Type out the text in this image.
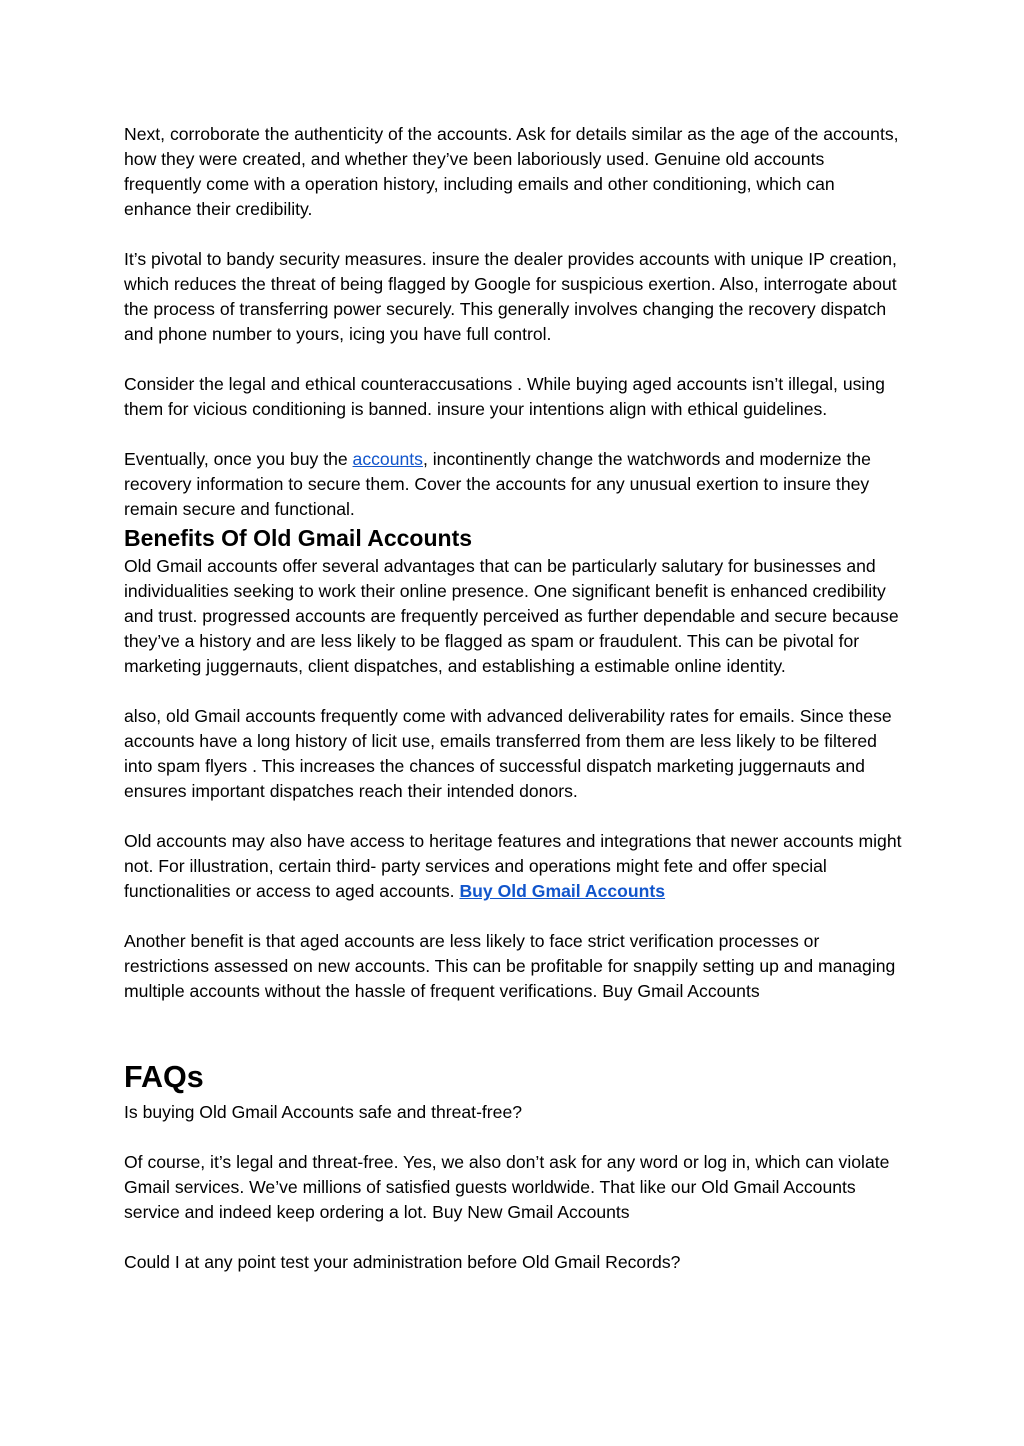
Next, corroborate the authenticity of the accounts. Ask for details similar as the age of the accounts, how they were created, and whether they’ve been laboriously used. Genuine old accounts frequently come with a operation history, including emails and other conditioning, which can enhance their credibility.

It’s pivotal to bandy security measures. insure the dealer provides accounts with unique IP creation, which reduces the threat of being flagged by Google for suspicious exertion. Also, interrogate about the process of transferring power securely. This generally involves changing the recovery dispatch and phone number to yours, icing you have full control.

Consider the legal and ethical counteraccusations . While buying aged accounts isn’t illegal, using them for vicious conditioning is banned. insure your intentions align with ethical guidelines.

Eventually, once you buy the accounts, incontinently change the watchwords and modernize the recovery information to secure them. Cover the accounts for any unusual exertion to insure they remain secure and functional.

Benefits Of Old Gmail Accounts

Old Gmail accounts offer several advantages that can be particularly salutary for businesses and individualities seeking to work their online presence. One significant benefit is enhanced credibility and trust. progressed accounts are frequently perceived as further dependable and secure because they’ve a history and are less likely to be flagged as spam or fraudulent. This can be pivotal for marketing juggernauts, client dispatches, and establishing a estimable online identity.

also, old Gmail accounts frequently come with advanced deliverability rates for emails. Since these accounts have a long history of licit use, emails transferred from them are less likely to be filtered into spam flyers . This increases the chances of successful dispatch marketing juggernauts and ensures important dispatches reach their intended donors.

Old accounts may also have access to heritage features and integrations that newer accounts might not. For illustration, certain third- party services and operations might fete and offer special functionalities or access to aged accounts. Buy Old Gmail Accounts

Another benefit is that aged accounts are less likely to face strict verification processes or restrictions assessed on new accounts. This can be profitable for snappily setting up and managing multiple accounts without the hassle of frequent verifications. Buy Gmail Accounts

FAQs

Is buying Old Gmail Accounts safe and threat-free?

Of course, it’s legal and threat-free. Yes, we also don’t ask for any word or log in, which can violate Gmail services. We’ve millions of satisfied guests worldwide. That like our Old Gmail Accounts service and indeed keep ordering a lot. Buy New Gmail Accounts

Could I at any point test your administration before Old Gmail Records?
